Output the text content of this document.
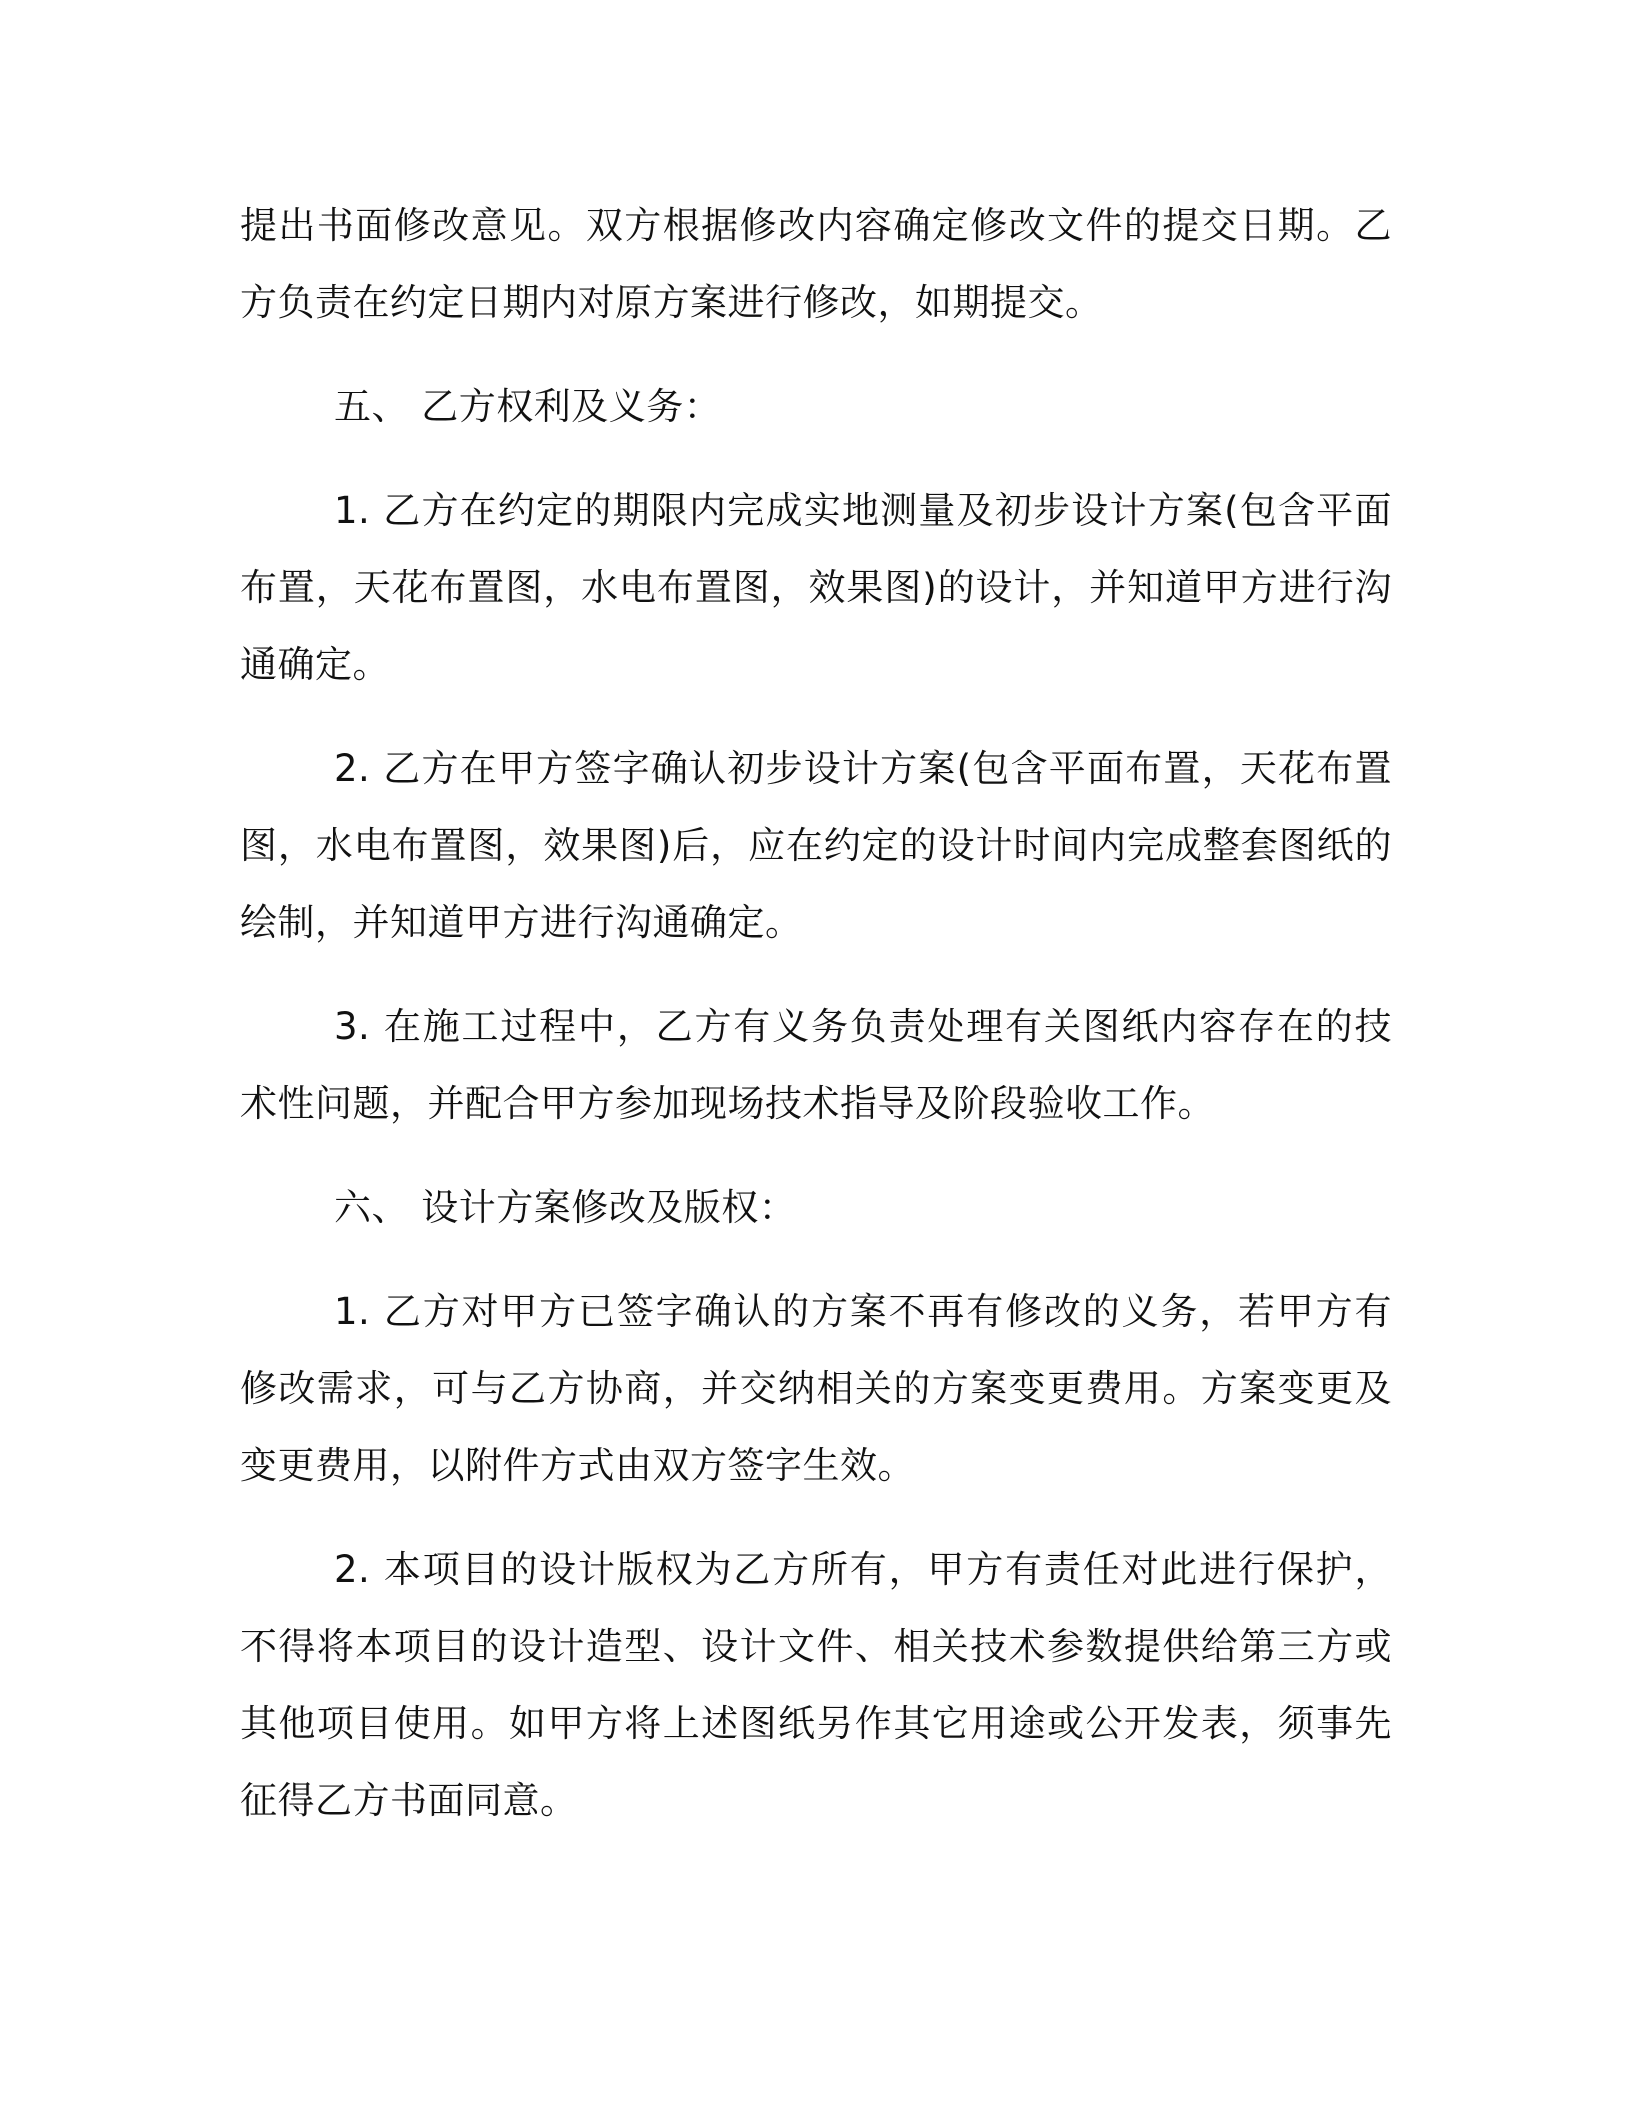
提出书面修改意见。双方根据修改内容确定修改文件的提交日期。乙方负责在约定日期内对原方案进行修改，如期提交。

五、 乙方权利及义务：

1. 乙方在约定的期限内完成实地测量及初步设计方案(包含平面布置，天花布置图，水电布置图，效果图)的设计，并知道甲方进行沟通确定。

2. 乙方在甲方签字确认初步设计方案(包含平面布置，天花布置图，水电布置图，效果图)后，应在约定的设计时间内完成整套图纸的绘制，并知道甲方进行沟通确定。

3. 在施工过程中，乙方有义务负责处理有关图纸内容存在的技术性问题，并配合甲方参加现场技术指导及阶段验收工作。

六、 设计方案修改及版权：

1. 乙方对甲方已签字确认的方案不再有修改的义务，若甲方有修改需求，可与乙方协商，并交纳相关的方案变更费用。方案变更及变更费用，以附件方式由双方签字生效。

2. 本项目的设计版权为乙方所有，甲方有责任对此进行保护，不得将本项目的设计造型、设计文件、相关技术参数提供给第三方或其他项目使用。如甲方将上述图纸另作其它用途或公开发表，须事先征得乙方书面同意。
